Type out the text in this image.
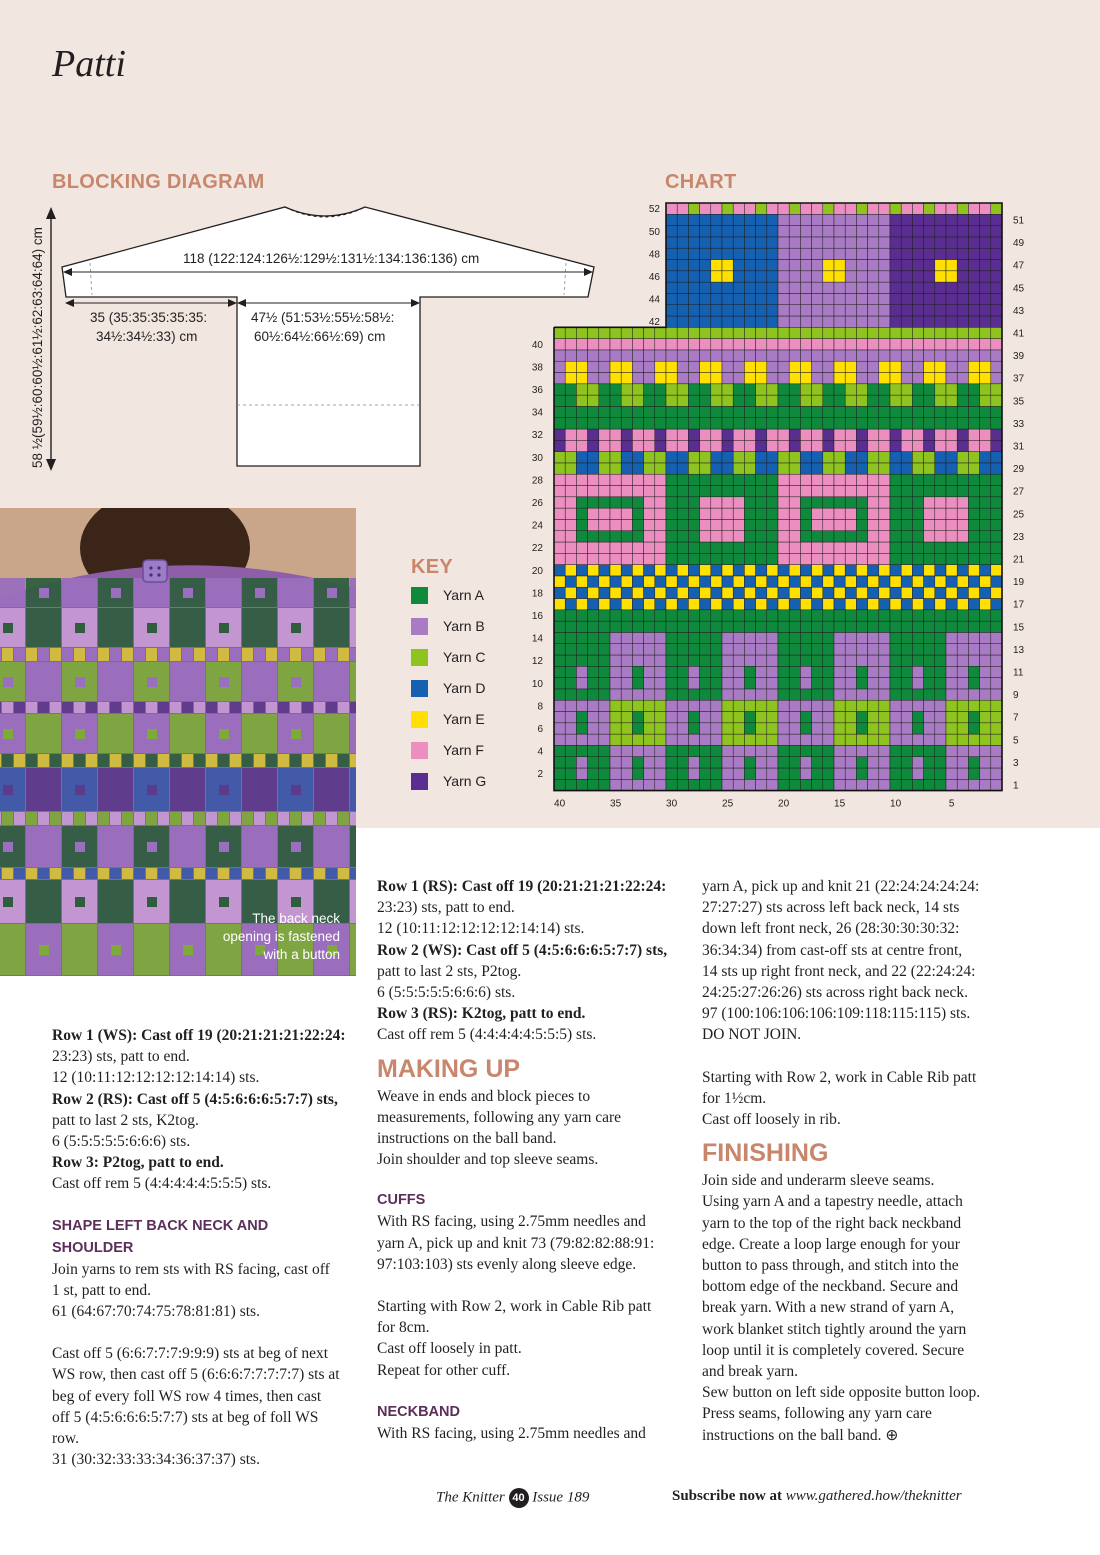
Patti
BLOCKING DIAGRAM
58 ½(59½:60:60½:61½:62:63:64:64) cm	118 (122:124:126½:129½:131½:134:136:136) cm
35 (35:35:35:35:35:
34½:34½:33) cm
47½ (51:53½:55½:58½:
60½:64½:66½:69) cm
CHART
52
50
48
46
44
42
40
38
36
34
32
30
28
26
24
22
20
18
16
14
12
10
8
6
4
2
51
49
47
45
43
41
39
37
35
33
31
29
27
25
23
21
19
17
15
13
11
9
7
5
3
1
40	35	30	25	20	15	10	5
KEY
Yarn A
Yarn B
Yarn C
Yarn D
Yarn E
Yarn F
Yarn G
The back neck
opening is fastened
with a button

Row 1 (WS): Cast off 19 (20:21:21:21:22:24:

23:23) sts, patt to end.

12 (10:11:12:12:12:12:14:14) sts.

Row 2 (RS): Cast off 5 (4:5:6:6:6:5:7:7) sts,

patt to last 2 sts, K2tog.

6 (5:5:5:5:5:6:6:6) sts.

Row 3: P2tog, patt to end.

Cast off rem 5 (4:4:4:4:4:5:5:5) sts.

SHAPE LEFT BACK NECK AND SHOULDER

Join yarns to rem sts with RS facing, cast off

1 st, patt to end.

61 (64:67:70:74:75:78:81:81) sts.

Cast off 5 (6:6:7:7:7:9:9:9) sts at beg of next

WS row, then cast off 5 (6:6:6:7:7:7:7:7) sts at

beg of every foll WS row 4 times, then cast

off 5 (4:5:6:6:6:5:7:7) sts at beg of foll WS

row.

31 (30:32:33:33:34:36:37:37) sts.

Row 1 (RS): Cast off 19 (20:21:21:21:22:24:

23:23) sts, patt to end.

12 (10:11:12:12:12:12:14:14) sts.

Row 2 (WS): Cast off 5 (4:5:6:6:6:5:7:7) sts,

patt to last 2 sts, P2tog.

6 (5:5:5:5:5:6:6:6) sts.

Row 3 (RS): K2tog, patt to end.

Cast off rem 5 (4:4:4:4:4:5:5:5) sts.

MAKING UP

Weave in ends and block pieces to

measurements, following any yarn care

instructions on the ball band.

Join shoulder and top sleeve seams.

CUFFS

With RS facing, using 2.75mm needles and

yarn A, pick up and knit 73 (79:82:82:88:91:

97:103:103) sts evenly along sleeve edge.

Starting with Row 2, work in Cable Rib patt

for 8cm.

Cast off loosely in patt.

Repeat for other cuff.

NECKBAND

With RS facing, using 2.75mm needles and

yarn A, pick up and knit 21 (22:24:24:24:24:

27:27:27) sts across left back neck, 14 sts

down left front neck, 26 (28:30:30:30:32:

36:34:34) from cast-off sts at centre front,

14 sts up right front neck, and 22 (22:24:24:

24:25:27:26:26) sts across right back neck.

97 (100:106:106:106:109:118:115:115) sts.

DO NOT JOIN.

Starting with Row 2, work in Cable Rib patt

for 1½cm.

Cast off loosely in rib.

FINISHING

Join side and underarm sleeve seams.

Using yarn A and a tapestry needle, attach

yarn to the top of the right back neckband

edge. Create a loop large enough for your

button to pass through, and stitch into the

bottom edge of the neckband. Secure and

break yarn. With a new strand of yarn A,

work blanket stitch tightly around the yarn

loop until it is completely covered. Secure

and break yarn.

Sew button on left side opposite button loop.

Press seams, following any yarn care

instructions on the ball band. ⊕

The Knitter 40 Issue 189	Subscribe now at www.gathered.how/theknitter
